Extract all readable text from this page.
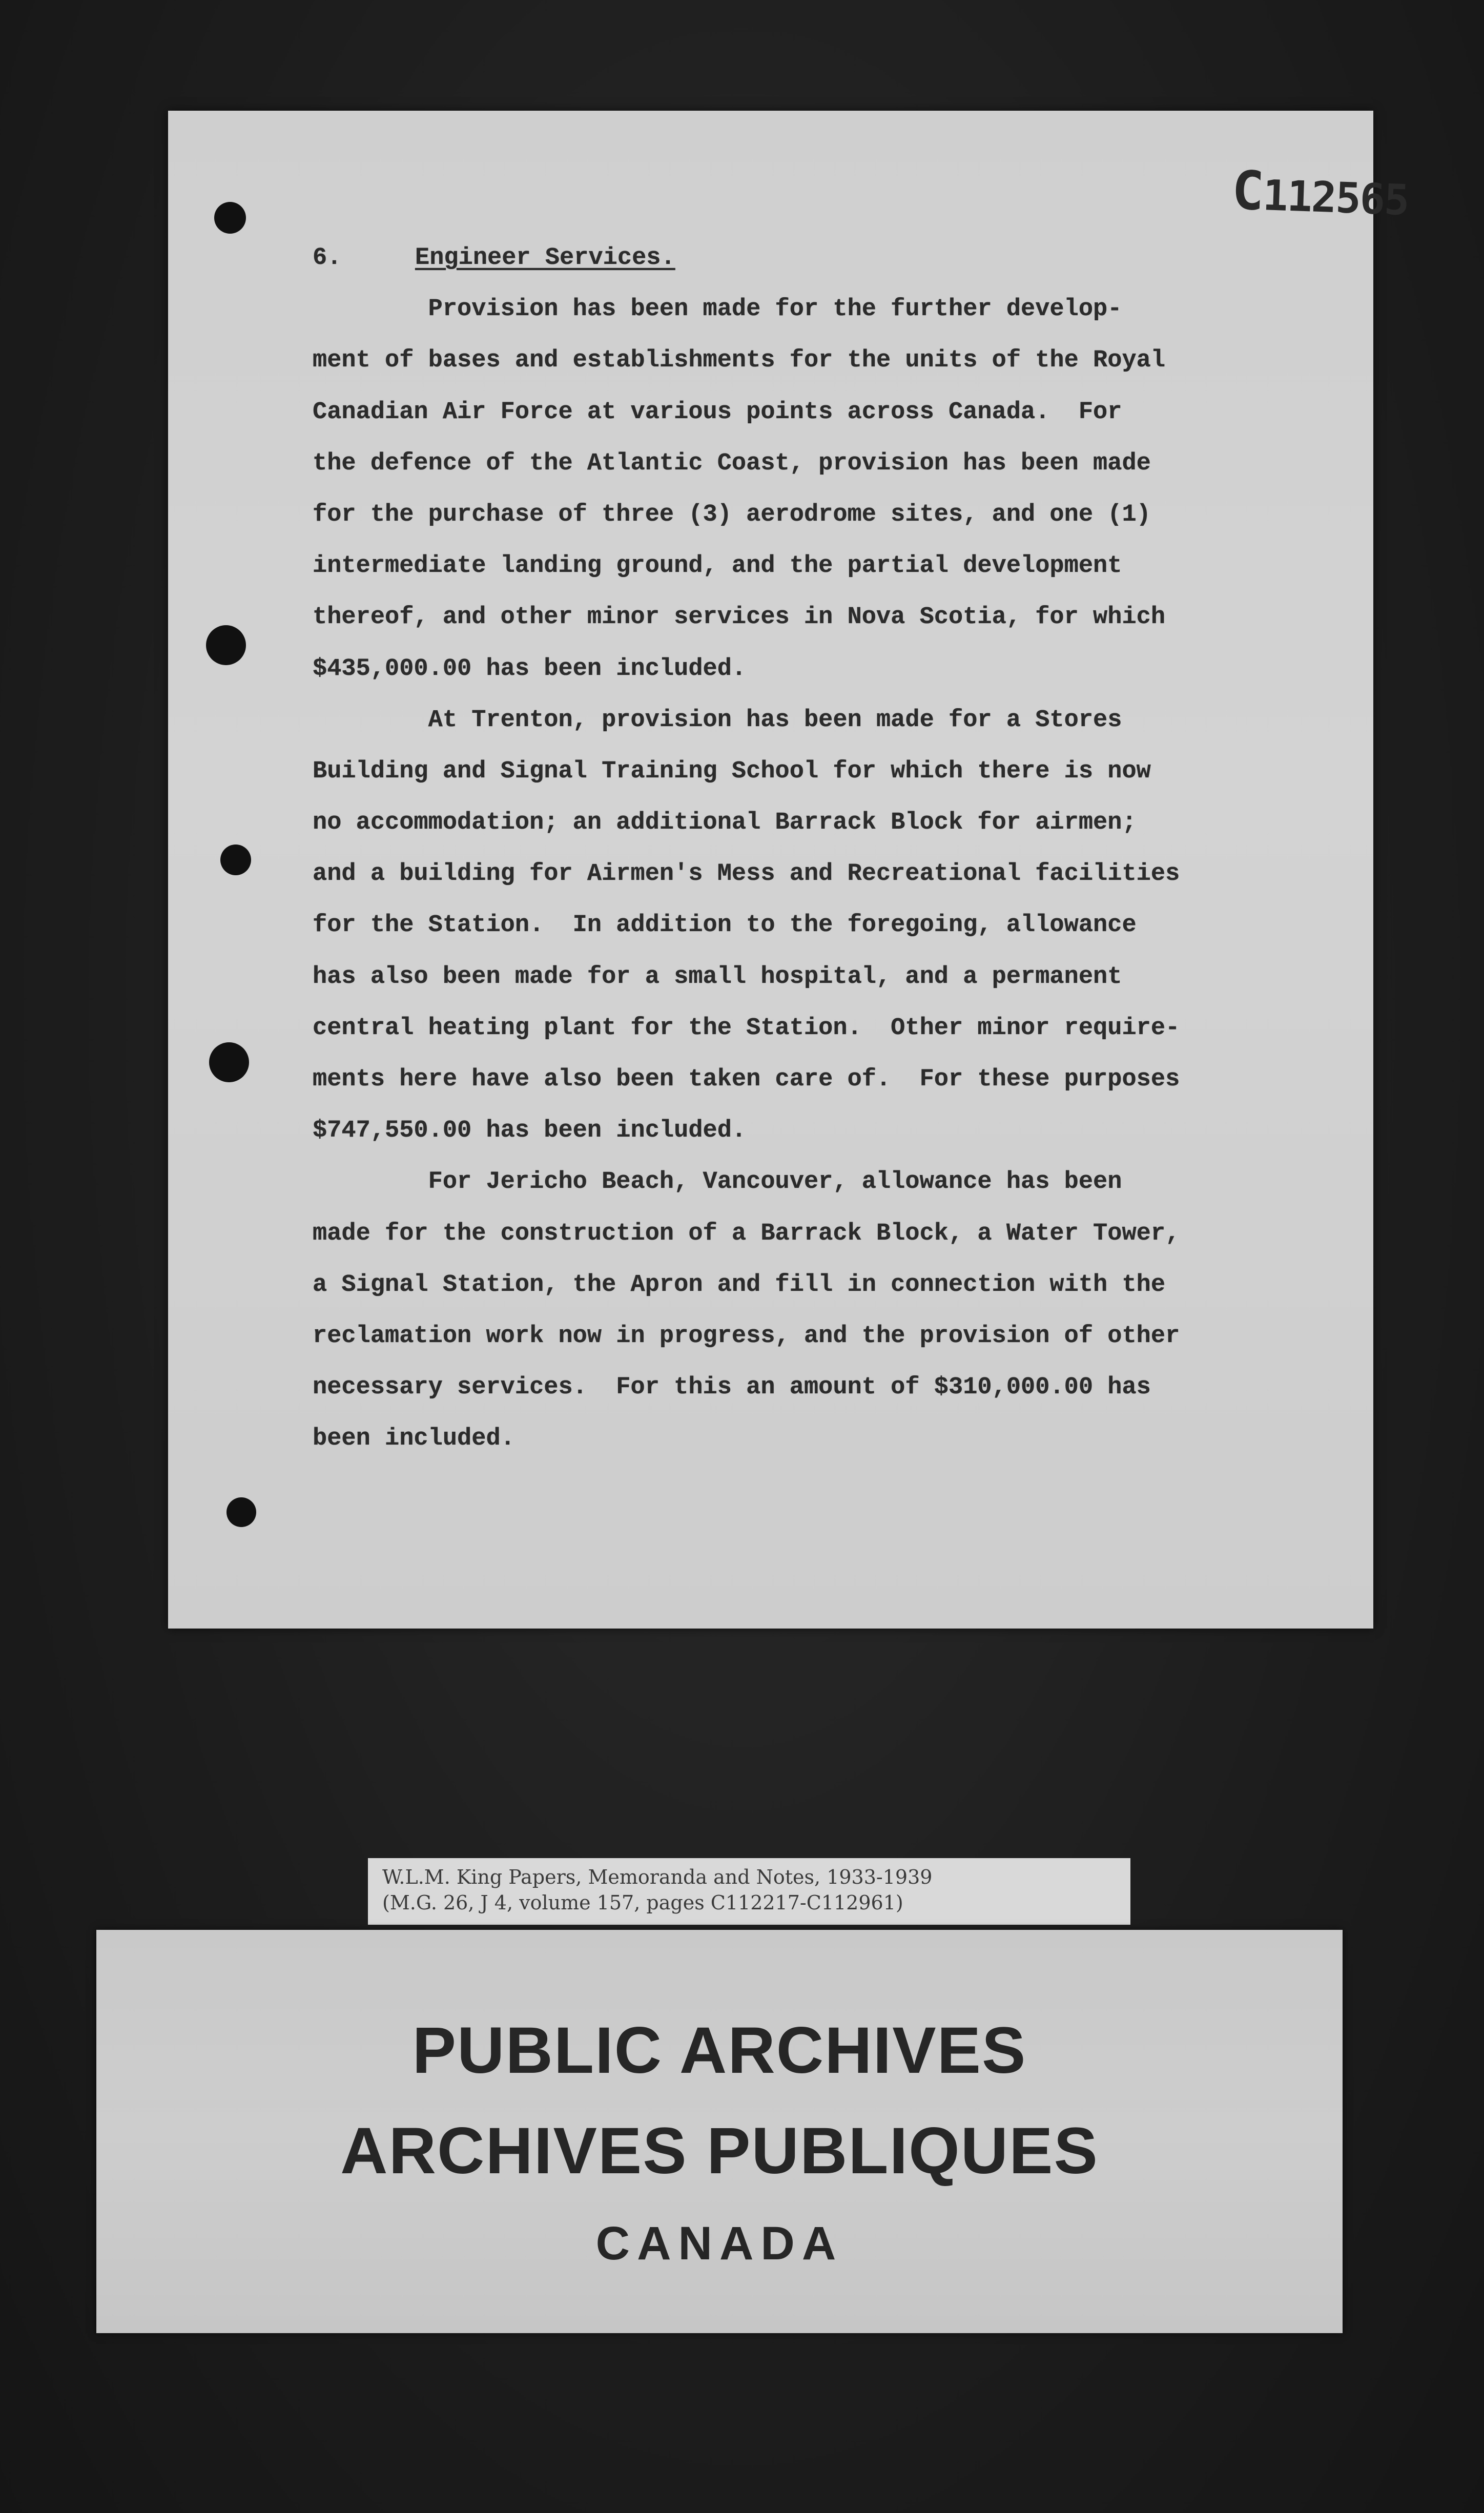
C112565
6.	Engineer Services.
Provision has been made for the further develop-
ment of bases and establishments for the units of the Royal
Canadian Air Force at various points across Canada.  For
the defence of the Atlantic Coast, provision has been made
for the purchase of three (3) aerodrome sites, and one (1)
intermediate landing ground, and the partial development
thereof, and other minor services in Nova Scotia, for which
$435,000.00 has been included.
At Trenton, provision has been made for a Stores
Building and Signal Training School for which there is now
no accommodation; an additional Barrack Block for airmen;
and a building for Airmen's Mess and Recreational facilities
for the Station.  In addition to the foregoing, allowance
has also been made for a small hospital, and a permanent
central heating plant for the Station.  Other minor require-
ments here have also been taken care of.  For these purposes
$747,550.00 has been included.
For Jericho Beach, Vancouver, allowance has been
made for the construction of a Barrack Block, a Water Tower,
a Signal Station, the Apron and fill in connection with the
reclamation work now in progress, and the provision of other
necessary services.  For this an amount of $310,000.00 has
been included.
W.L.M. King Papers, Memoranda and Notes, 1933-1939
(M.G. 26, J 4, volume 157, pages C112217-C112961)
PUBLIC ARCHIVES
ARCHIVES PUBLIQUES
CANADA
